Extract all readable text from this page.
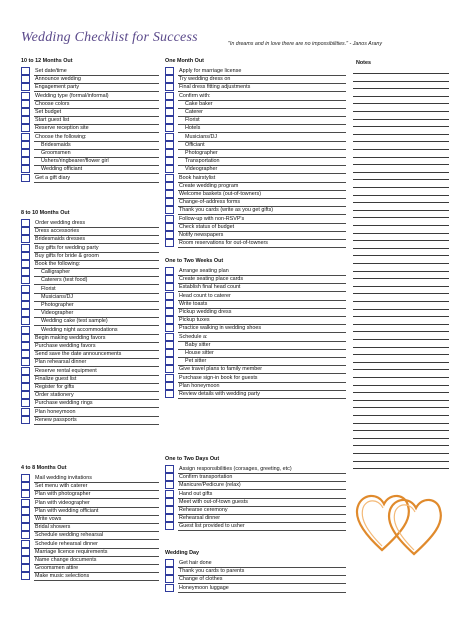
Wedding Checklist for Success	"In dreams and in love there are no impossibilities." - Janos Arany
10 to 12 Months Out
Set date/time
Announce wedding
Engagement party
Wedding type (formal/informal)
Choose colors
Set budget
Start guest list
Reserve reception site
Choose the following:
Bridesmaids
Groomsmen
Ushers/ringbearer/flower girl
Wedding officiant
Get a gift diary
8 to 10 Months Out
Order wedding dress
Dress accessories
Bridesmaids dresses
Buy gifts for wedding party
Buy gifts for bride & groom
Book the following:
Calligrapher
Caterers (test food)
Florist
Musicians/DJ
Photographer
Videographer
Wedding cake (test sample)
Wedding night accommodations
Begin making wedding favors
Purchase wedding favors
Send save the date announcements
Plan rehearsal dinner
Reserve rental equipment
Finalize guest list
Register for gifts
Order stationery
Purchase wedding rings
Plan honeymoon
Renew passports
4 to 8 Months Out
Mail wedding invitations
Set menu with caterer
Plan with photographer
Plan with videographer
Plan with wedding officiant
Write vows
Bridal showers
Schedule wedding rehearsal
Schedule rehearsal dinner
Marriage licence requirements
Name change documents
Groomsmen attire
Make music selections
One Month Out
Apply for marriage license
Try wedding dress on
Final dress fitting adjustments
Confirm with:
Cake baker
Caterer
Florist
Hotels
Musicians/DJ
Officiant
Photographer
Transportation
Videographer
Book hairstylist
Create wedding program
Welcome baskets (out-of-towners)
Change-of-address forms
Thank you cards (write as you get gifts)
Follow-up with non-RSVP's
Check status of budget
Notify newspapers
Room reservations for out-of-towners
One to Two Weeks Out
Arrange seating plan
Create seating place cards
Establish final head count
Head count to caterer
Write toasts
Pickup wedding dress
Pickup tuxes
Practice walking in wedding shoes
Schedule a:
Baby sitter
House sitter
Pet sitter
Give travel plans to family member
Purchase sign-in book for guests
Plan honeymoon
Review details with wedding party
One to Two Days Out
Assign responsibilities (corsages, greeting, etc)
Confirm transportation
Manicure/Pedicure (relax)
Hand out gifts
Meet with out-of-town guests
Rehearse ceremony
Rehearsal dinner
Guest list provided to usher
Wedding Day
Get hair done
Thank you cards to parents
Change of clothes
Honeymoon luggage
Notes
